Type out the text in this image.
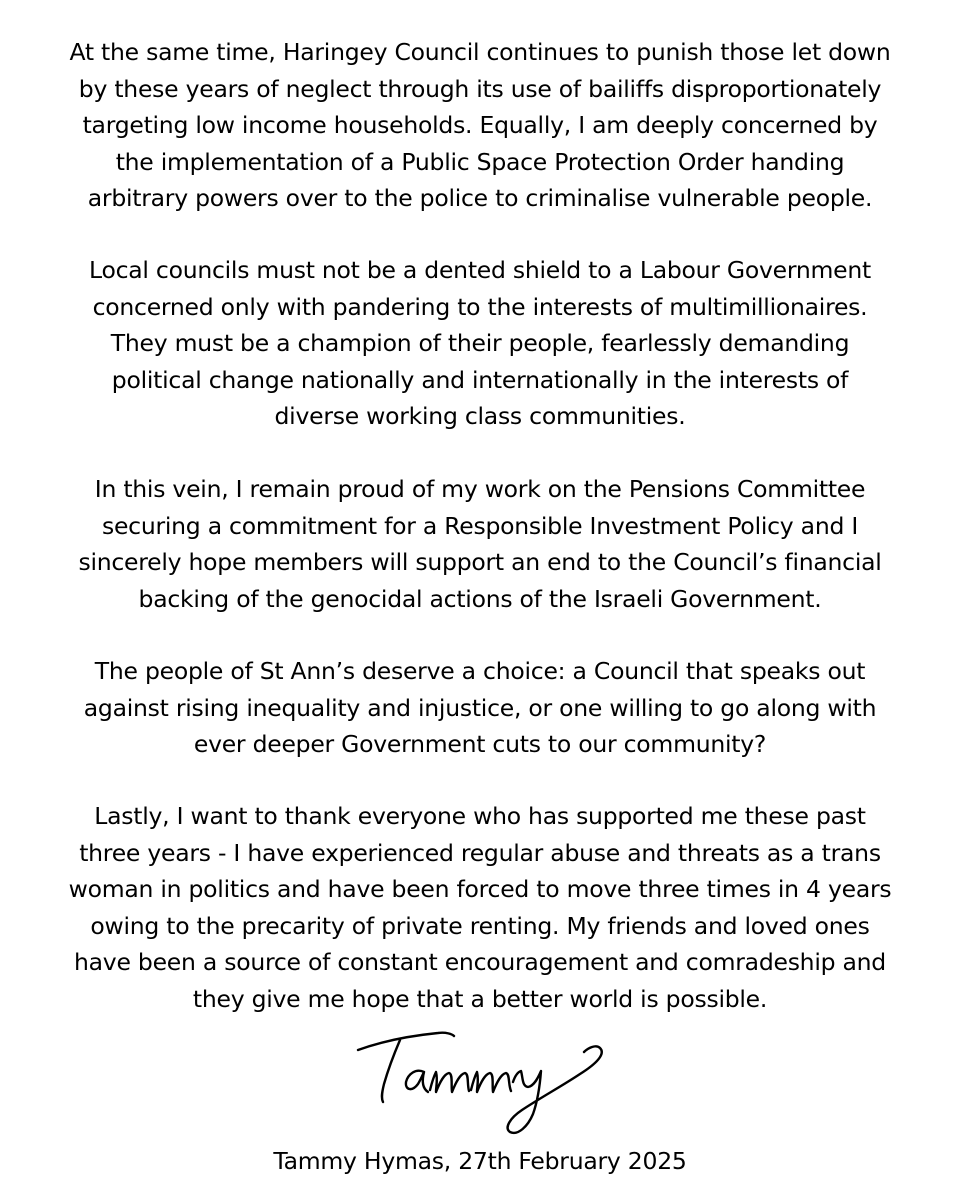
At the same time, Haringey Council continues to punish those let down
by these years of neglect through its use of bailiffs disproportionately
targeting low income households. Equally, I am deeply concerned by
the implementation of a Public Space Protection Order handing
arbitrary powers over to the police to criminalise vulnerable people.

Local councils must not be a dented shield to a Labour Government
concerned only with pandering to the interests of multimillionaires.
They must be a champion of their people, fearlessly demanding
political change nationally and internationally in the interests of
diverse working class communities.

In this vein, I remain proud of my work on the Pensions Committee
securing a commitment for a Responsible Investment Policy and I
sincerely hope members will support an end to the Council’s financial
backing of the genocidal actions of the Israeli Government.

The people of St Ann’s deserve a choice: a Council that speaks out
against rising inequality and injustice, or one willing to go along with
ever deeper Government cuts to our community?

Lastly, I want to thank everyone who has supported me these past
three years - I have experienced regular abuse and threats as a trans
woman in politics and have been forced to move three times in 4 years
owing to the precarity of private renting. My friends and loved ones
have been a source of constant encouragement and comradeship and
they give me hope that a better world is possible.

Tammy Hymas, 27th February 2025
